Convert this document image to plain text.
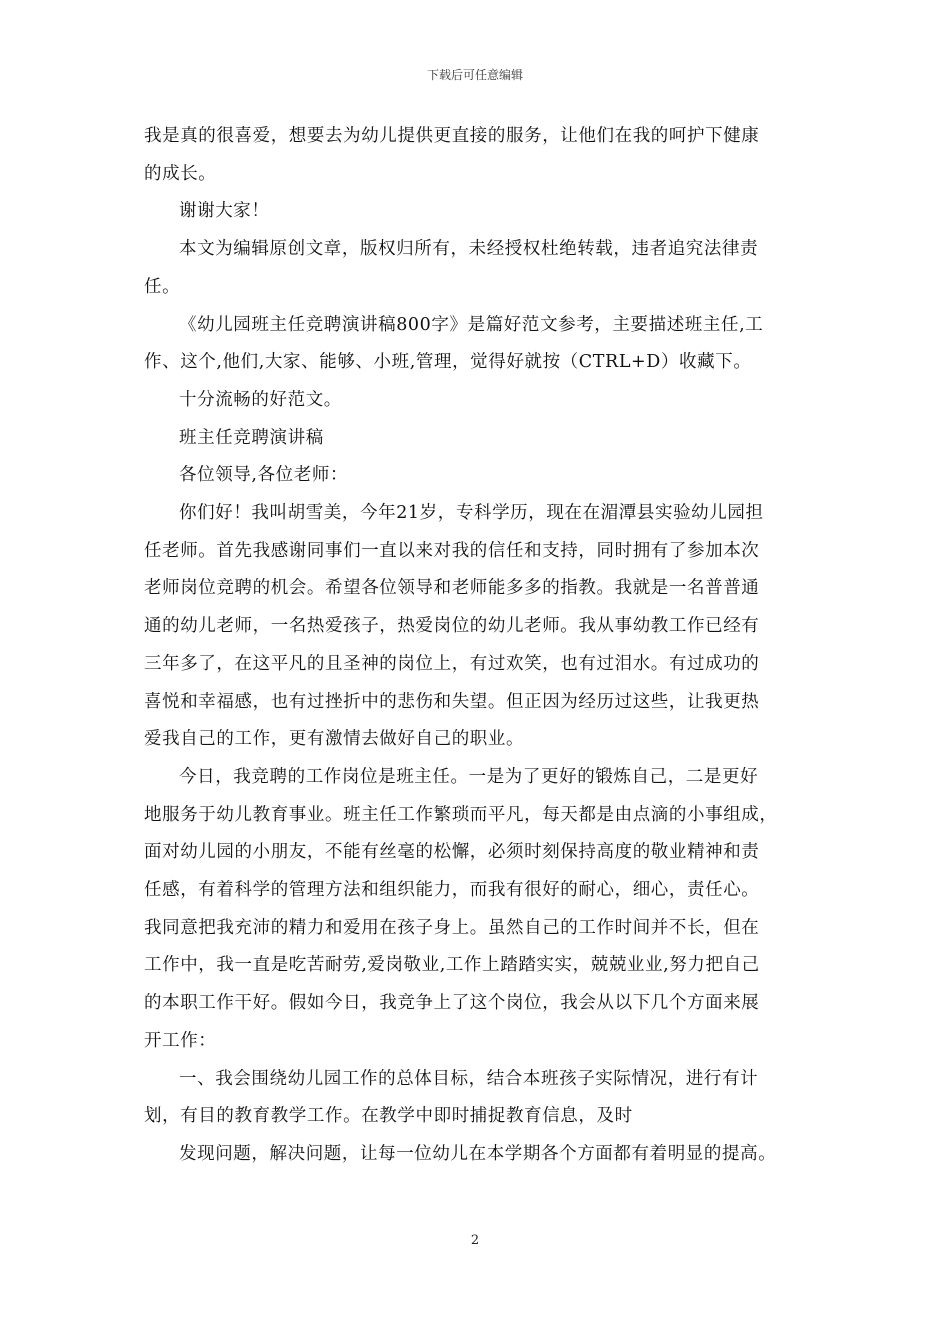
下载后可任意编辑

我是真的很喜爱，想要去为幼儿提供更直接的服务，让他们在我的呵护下健康
的成长。

谢谢大家！

本文为编辑原创文章，版权归所有，未经授权杜绝转载，违者追究法律责
任。

《幼儿园班主任竞聘演讲稿800字》是篇好范文参考，主要描述班主任,工
作、这个,他们,大家、能够、小班,管理，觉得好就按（CTRL+D）收藏下。

十分流畅的好范文。

班主任竞聘演讲稿

各位领导,各位老师：

你们好！我叫胡雪美，今年21岁，专科学历，现在在湄潭县实验幼儿园担
任老师。首先我感谢同事们一直以来对我的信任和支持，同时拥有了参加本次
老师岗位竞聘的机会。希望各位领导和老师能多多的指教。我就是一名普普通
通的幼儿老师，一名热爱孩子，热爱岗位的幼儿老师。我从事幼教工作已经有
三年多了，在这平凡的且圣神的岗位上，有过欢笑，也有过泪水。有过成功的
喜悦和幸福感，也有过挫折中的悲伤和失望。但正因为经历过这些，让我更热
爱我自己的工作，更有激情去做好自己的职业。

今日，我竞聘的工作岗位是班主任。一是为了更好的锻炼自己，二是更好
地服务于幼儿教育事业。班主任工作繁琐而平凡，每天都是由点滴的小事组成，
面对幼儿园的小朋友，不能有丝毫的松懈，必须时刻保持高度的敬业精神和责
任感，有着科学的管理方法和组织能力，而我有很好的耐心，细心，责任心。
我同意把我充沛的精力和爱用在孩子身上。虽然自己的工作时间并不长，但在
工作中，我一直是吃苦耐劳,爱岗敬业,工作上踏踏实实，兢兢业业,努力把自己
的本职工作干好。假如今日，我竞争上了这个岗位，我会从以下几个方面来展
开工作：

一、我会围绕幼儿园工作的总体目标，结合本班孩子实际情况，进行有计
划，有目的教育教学工作。在教学中即时捕捉教育信息，及时

发现问题，解决问题，让每一位幼儿在本学期各个方面都有着明显的提高。

2
